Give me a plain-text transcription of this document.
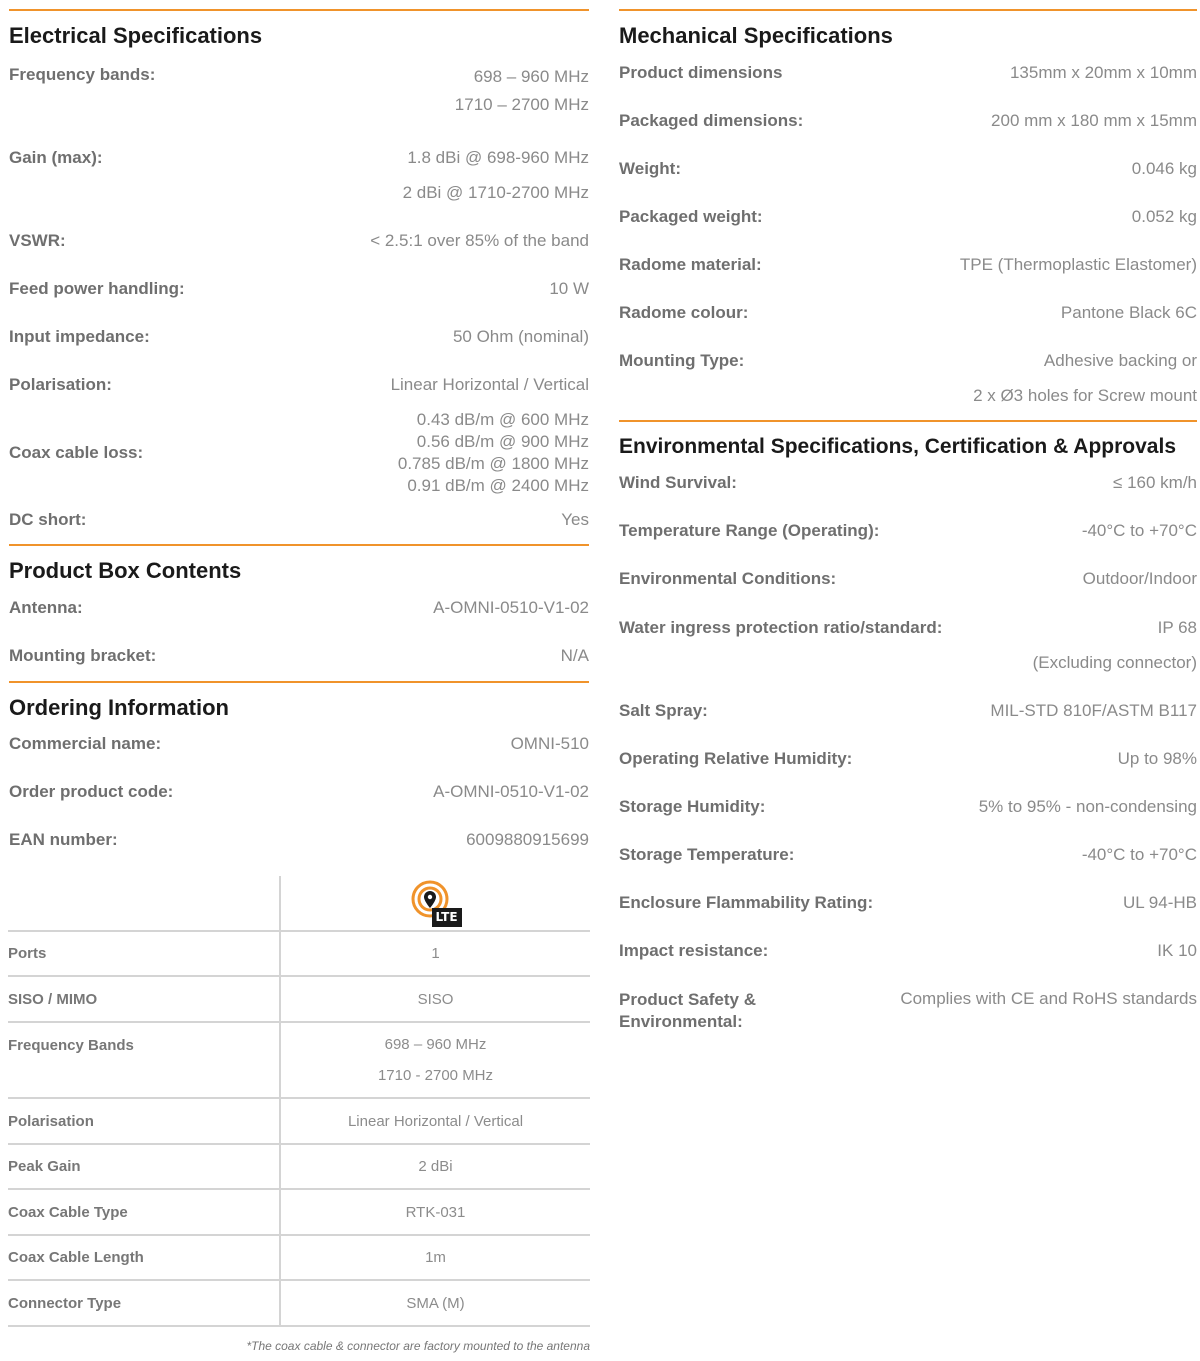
Electrical Specifications
Frequency bands:	698 – 960 MHz
1710 – 2700 MHz
Gain (max):	1.8 dBi @ 698-960 MHz
2 dBi @ 1710-2700 MHz
VSWR:	< 2.5:1 over 85% of the band
Feed power handling:	10 W
Input impedance:	50 Ohm (nominal)
Polarisation:	Linear Horizontal / Vertical
Coax cable loss:
0.43 dB/m @ 600 MHz
0.56 dB/m @ 900 MHz
0.785 dB/m @ 1800 MHz
0.91 dB/m @ 2400 MHz
DC short:	Yes
Product Box Contents
Antenna:	A-OMNI-0510-V1-02
Mounting bracket:	N/A
Ordering Information
Commercial name:	OMNI-510
Order product code:	A-OMNI-0510-V1-02
EAN number:	6009880915699
LTE
Ports	1
SISO / MIMO	SISO
Frequency Bands	698 – 960 MHz
1710 - 2700 MHz
Polarisation	Linear Horizontal / Vertical
Peak Gain	2 dBi
Coax Cable Type	RTK-031
Coax Cable Length	1m
Connector Type	SMA (M)
*The coax cable & connector are factory mounted to the antenna
Mechanical Specifications
Product dimensions	135mm x 20mm x 10mm
Packaged dimensions:	200 mm x 180 mm x 15mm
Weight:	0.046 kg
Packaged weight:	0.052 kg
Radome material:	TPE (Thermoplastic Elastomer)
Radome colour:	Pantone Black 6C
Mounting Type:	Adhesive backing or
2 x Ø3 holes for Screw mount
Environmental Specifications, Certification & Approvals
Wind Survival:	≤ 160 km/h
Temperature Range (Operating):	-40°C to +70°C
Environmental Conditions:	Outdoor/Indoor
Water ingress protection ratio/standard:	IP 68
(Excluding connector)
Salt Spray:	MIL-STD 810F/ASTM B117
Operating Relative Humidity:	Up to 98%
Storage Humidity:	5% to 95% - non-condensing
Storage Temperature:	-40°C to +70°C
Enclosure Flammability Rating:	UL 94-HB
Impact resistance:	IK 10
Product Safety & Environmental:
Complies with CE and RoHS standards
